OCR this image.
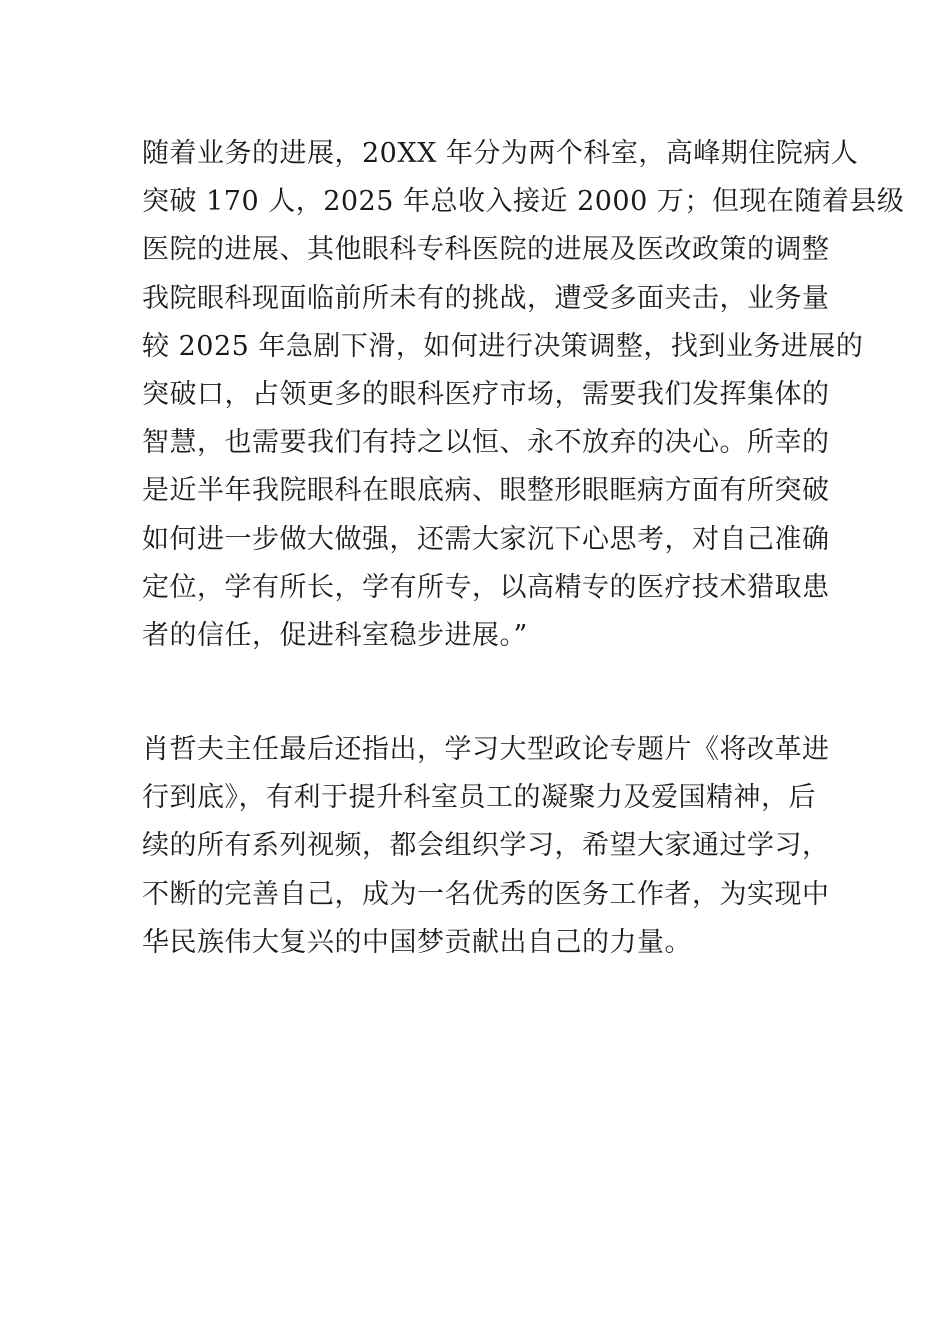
随着业务的进展，20XX 年分为两个科室，高峰期住院病人
突破 170 人，2025 年总收入接近 2000 万；但现在随着县级
医院的进展、其他眼科专科医院的进展及医改政策的调整
我院眼科现面临前所未有的挑战，遭受多面夹击，业务量
较 2025 年急剧下滑，如何进行决策调整，找到业务进展的
突破口，占领更多的眼科医疗市场，需要我们发挥集体的
智慧，也需要我们有持之以恒、永不放弃的决心。所幸的
是近半年我院眼科在眼底病、眼整形眼眶病方面有所突破
如何进一步做大做强，还需大家沉下心思考，对自己准确
定位，学有所长，学有所专，以高精专的医疗技术猎取患
者的信任，促进科室稳步进展。”
肖哲夫主任最后还指出，学习大型政论专题片《将改革进
行到底》，有利于提升科室员工的凝聚力及爱国精神，后
续的所有系列视频，都会组织学习，希望大家通过学习，
不断的完善自己，成为一名优秀的医务工作者，为实现中
华民族伟大复兴的中国梦贡献出自己的力量。
